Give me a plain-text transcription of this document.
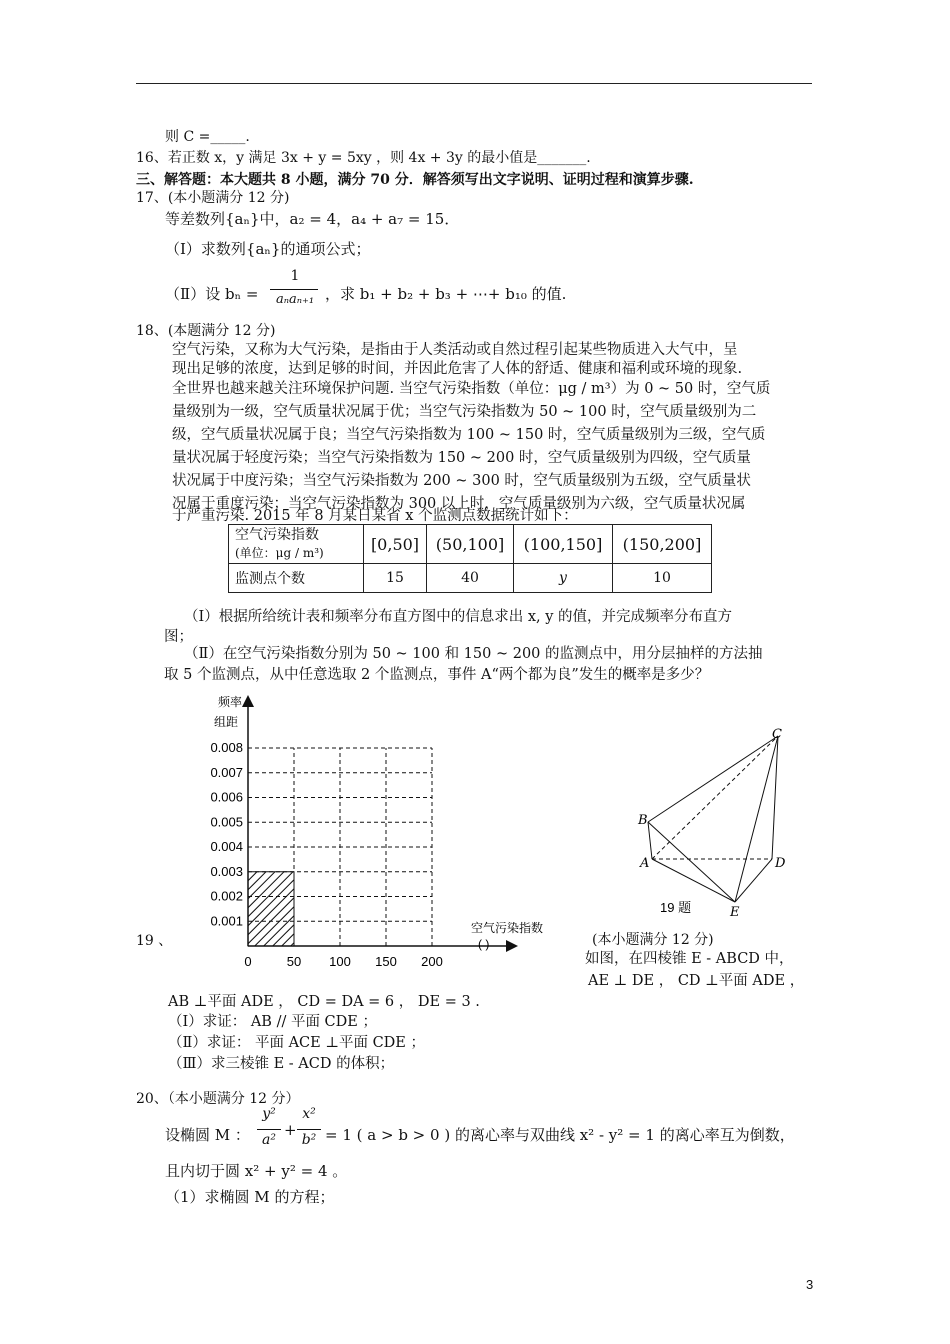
则 C =_____.
16、若正数 x，y 满足 3x + y = 5xy ，则 4x + 3y 的最小值是_______.
三、解答题：本大题共 8 小题，满分 70 分．解答须写出文字说明、证明过程和演算步骤.
17、(本小题满分 12 分)
等差数列{aₙ}中，a₂ = 4，a₄ + a₇ = 15．
（Ⅰ）求数列{aₙ}的通项公式；
（Ⅱ）设 bₙ =
1
aₙaₙ₊₁ ，求 b₁ + b₂ + b₃ + ⋯+ b₁₀ 的值.
18、(本题满分 12 分)
空气污染，又称为大气污染，是指由于人类活动或自然过程引起某些物质进入大气中，呈
现出足够的浓度，达到足够的时间，并因此危害了人体的舒适、健康和福利或环境的现象.
全世界也越来越关注环境保护问题. 当空气污染指数（单位：μg / m³）为 0 ~ 50 时，空气质
量级别为一级，空气质量状况属于优；当空气污染指数为 50 ~ 100 时，空气质量级别为二
级，空气质量状况属于良；当空气污染指数为 100 ~ 150 时，空气质量级别为三级，空气质
量状况属于轻度污染；当空气污染指数为 150 ~ 200 时，空气质量级别为四级，空气质量
状况属于中度污染；当空气污染指数为 200 ~ 300 时，空气质量级别为五级，空气质量状
况属于重度污染；当空气污染指数为 300 以上时，空气质量级别为六级，空气质量状况属
于严重污染. 2015 年 8 月某日某省 x 个监测点数据统计如下：
空气污染指数
(单位：μg / m³)	[0,50]	(50,100]	(100,150]	(150,200]
监测点个数	15	40	y	10
（Ⅰ）根据所给统计表和频率分布直方图中的信息求出 x, y 的值，并完成频率分布直方
图；
（Ⅱ）在空气污染指数分别为 50 ~ 100 和 150 ~ 200 的监测点中，用分层抽样的方法抽
取 5 个监测点，从中任意选取 2 个监测点，事件 A“两个都为良”发生的概率是多少？
频率
组距
0.001
0.002
0.003
0.004
0.005
0.006
0.007
0.008
0	50 100 150 200
空气污染指数
( )
19 、
C
B
A	D
E
19 题
(本小题满分 12 分)
如图，在四棱锥 E - ABCD 中，
AE ⊥ DE ， CD ⊥平面 ADE ，
AB ⊥平面 ADE ， CD = DA = 6 ， DE = 3 .
（Ⅰ）求证： AB // 平面 CDE ；
（Ⅱ）求证： 平面 ACE ⊥平面 CDE ；
（Ⅲ）求三棱锥 E - ACD 的体积；
20、（本小题满分 12 分）
设椭圆 M ：
y²
a²
+
x²
b² = 1 ( a > b > 0 ) 的离心率与双曲线 x² - y² = 1 的离心率互为倒数，
且内切于圆 x² + y² = 4 。
（1）求椭圆 M 的方程；
3
